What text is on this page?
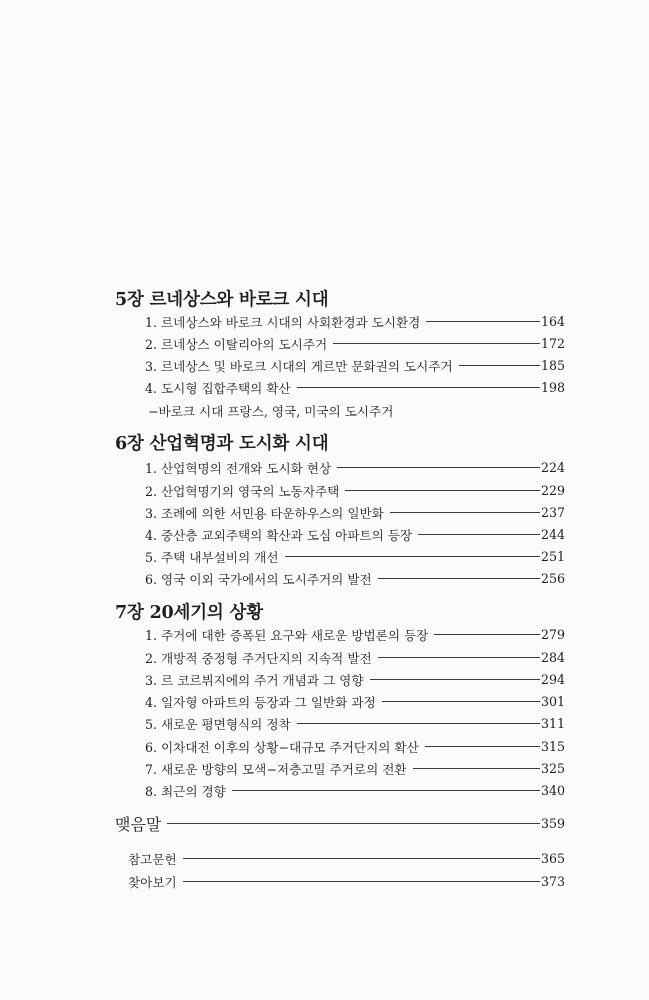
5장 르네상스와 바로크 시대
1. 르네상스와 바로크 시대의 사회환경과 도시환경	164
2. 르네상스 이탈리아의 도시주거	172
3. 르네상스 및 바로크 시대의 게르만 문화권의 도시주거	185
4. 도시형 집합주택의 확산	198
−바로크 시대 프랑스, 영국, 미국의 도시주거
6장 산업혁명과 도시화 시대
1. 산업혁명의 전개와 도시화 현상	224
2. 산업혁명기의 영국의 노동자주택	229
3. 조례에 의한 서민용 타운하우스의 일반화	237
4. 중산층 교외주택의 확산과 도심 아파트의 등장	244
5. 주택 내부설비의 개선	251
6. 영국 이외 국가에서의 도시주거의 발전	256
7장 20세기의 상황
1. 주거에 대한 증폭된 요구와 새로운 방법론의 등장	279
2. 개방적 중정형 주거단지의 지속적 발전	284
3. 르 코르뷔지에의 주거 개념과 그 영향	294
4. 일자형 아파트의 등장과 그 일반화 과정	301
5. 새로운 평면형식의 정착	311
6. 이차대전 이후의 상황−대규모 주거단지의 확산	315
7. 새로운 방향의 모색−저층고밀 주거로의 전환	325
8. 최근의 경향	340
맺음말	359
참고문헌	365
찾아보기	373
